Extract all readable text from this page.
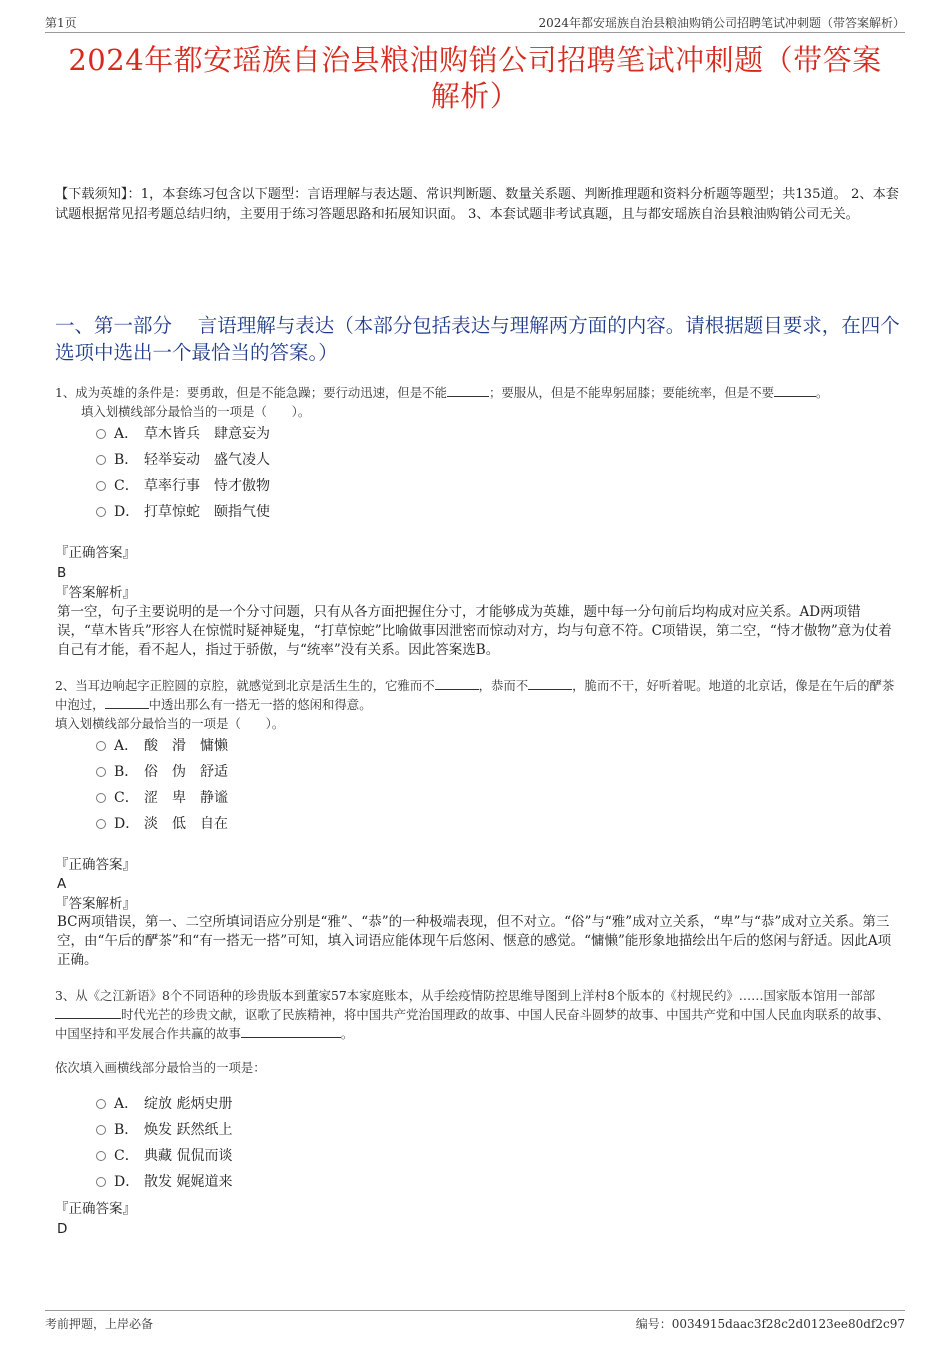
第1页	2024年都安瑶族自治县粮油购销公司招聘笔试冲刺题（带答案解析）
2024年都安瑶族自治县粮油购销公司招聘笔试冲刺题（带答案
解析）
【下载须知】：1，本套练习包含以下题型：言语理解与表达题、常识判断题、数量关系题、判断推理题和资料分析题等题型；共135道。 2、本套试题根据常见招考题总结归纳，主要用于练习答题思路和拓展知识面。 3、本套试题非考试真题，且与都安瑶族自治县粮油购销公司无关。
一、第一部分　 言语理解与表达（本部分包括表达与理解两方面的内容。请根据题目要求，在四个选项中选出一个最恰当的答案。）
1、成为英雄的条件是：要勇敢，但是不能急躁；要行动迅速，但是不能	；要服从，但是不能卑躬屈膝；要能统率，但是不要	。
填入划横线部分最恰当的一项是（　　）。
A． 草木皆兵　肆意妄为
B． 轻举妄动　盛气凌人
C． 草率行事　恃才傲物
D． 打草惊蛇　颐指气使
『正确答案』
B
『答案解析』
第一空，句子主要说明的是一个分寸问题，只有从各方面把握住分寸，才能够成为英雄，题中每一分句前后均构成对应关系。AD两项错误，“草木皆兵”形容人在惊慌时疑神疑鬼，“打草惊蛇”比喻做事因泄密而惊动对方，均与句意不符。C项错误，第二空，“恃才傲物”意为仗着自己有才能，看不起人，指过于骄傲，与“统率”没有关系。因此答案选B。
2、当耳边响起字正腔圆的京腔，就感觉到北京是活生生的，它雅而不	，恭而不	，脆而不干，好听着呢。地道的北京话，像是在午后的酽茶中泡过，	中透出那么有一搭无一搭的悠闲和得意。
填入划横线部分最恰当的一项是（　　）。
A． 酸　滑　慵懒
B． 俗　伪　舒适
C． 涩　卑　静谧
D． 淡　低　自在
『正确答案』
A
『答案解析』
BC两项错误，第一、二空所填词语应分别是“雅”、“恭”的一种极端表现，但不对立。“俗”与“雅”成对立关系，“卑”与“恭”成对立关系。第三空，由“午后的酽茶”和“有一搭无一搭”可知，填入词语应能体现午后悠闲、惬意的感觉。“慵懒”能形象地描绘出午后的悠闲与舒适。因此A项正确。
3、从《之江新语》8个不同语种的珍贵版本到董家57本家庭账本，从手绘疫情防控思维导图到上洋村8个版本的《村规民约》……国家版本馆用一部部时代光芒的珍贵文献，讴歌了民族精神，将中国共产党治国理政的故事、中国人民奋斗圆梦的故事、中国共产党和中国人民血肉联系的故事、中国坚持和平发展合作共赢的故事	。
依次填入画横线部分最恰当的一项是：
A． 绽放 彪炳史册
B． 焕发 跃然纸上
C． 典藏 侃侃而谈
D． 散发 娓娓道来
『正确答案』
D
考前押题，上岸必备	编号：0034915daac3f28c2d0123ee80df2c97
